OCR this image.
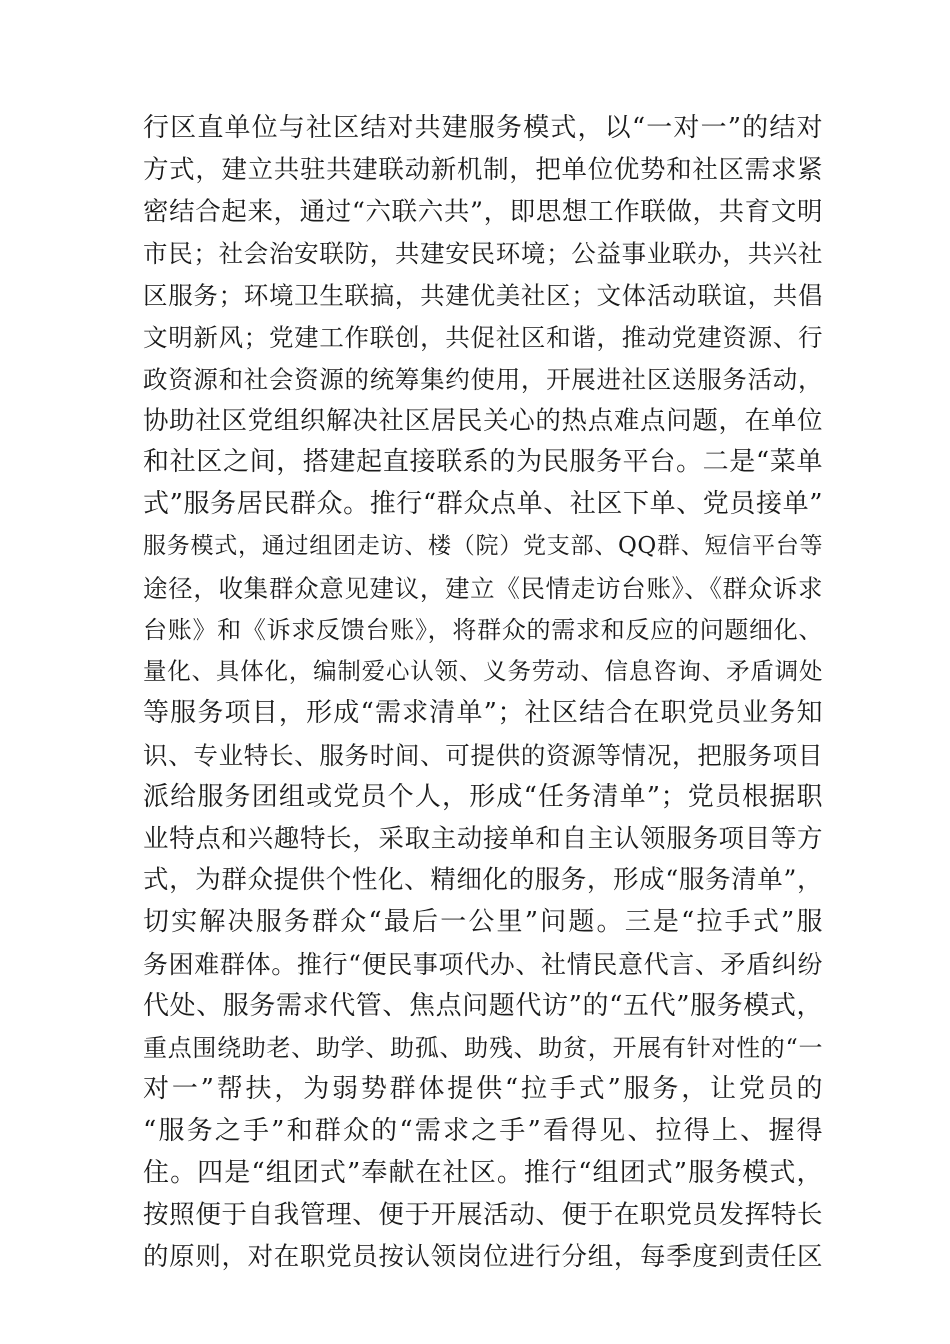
行区直单位与社区结对共建服务模式，以“一对一”的结对
方式，建立共驻共建联动新机制，把单位优势和社区需求紧
密结合起来，通过“六联六共”，即思想工作联做，共育文明
市民；社会治安联防，共建安民环境；公益事业联办，共兴社
区服务；环境卫生联搞，共建优美社区；文体活动联谊，共倡
文明新风；党建工作联创，共促社区和谐，推动党建资源、行
政资源和社会资源的统筹集约使用，开展进社区送服务活动，
协助社区党组织解决社区居民关心的热点难点问题，在单位
和社区之间，搭建起直接联系的为民服务平台。二是“菜单
式”服务居民群众。推行“群众点单、社区下单、党员接单”
服务模式，通过组团走访、楼（院）党支部、QQ群、短信平台等
途径，收集群众意见建议，建立《民情走访台账》、《群众诉求
台账》和《诉求反馈台账》，将群众的需求和反应的问题细化、
量化、具体化，编制爱心认领、义务劳动、信息咨询、矛盾调处
等服务项目，形成“需求清单”；社区结合在职党员业务知
识、专业特长、服务时间、可提供的资源等情况，把服务项目
派给服务团组或党员个人，形成“任务清单”；党员根据职
业特点和兴趣特长，采取主动接单和自主认领服务项目等方
式，为群众提供个性化、精细化的服务，形成“服务清单”，
切实解决服务群众“最后一公里”问题。三是“拉手式”服
务困难群体。推行“便民事项代办、社情民意代言、矛盾纠纷
代处、服务需求代管、焦点问题代访”的“五代”服务模式，
重点围绕助老、助学、助孤、助残、助贫，开展有针对性的“一
对一”帮扶，为弱势群体提供“拉手式”服务，让党员的
“服务之手”和群众的“需求之手”看得见、拉得上、握得
住。四是“组团式”奉献在社区。推行“组团式”服务模式，
按照便于自我管理、便于开展活动、便于在职党员发挥特长
的原则，对在职党员按认领岗位进行分组，每季度到责任区
